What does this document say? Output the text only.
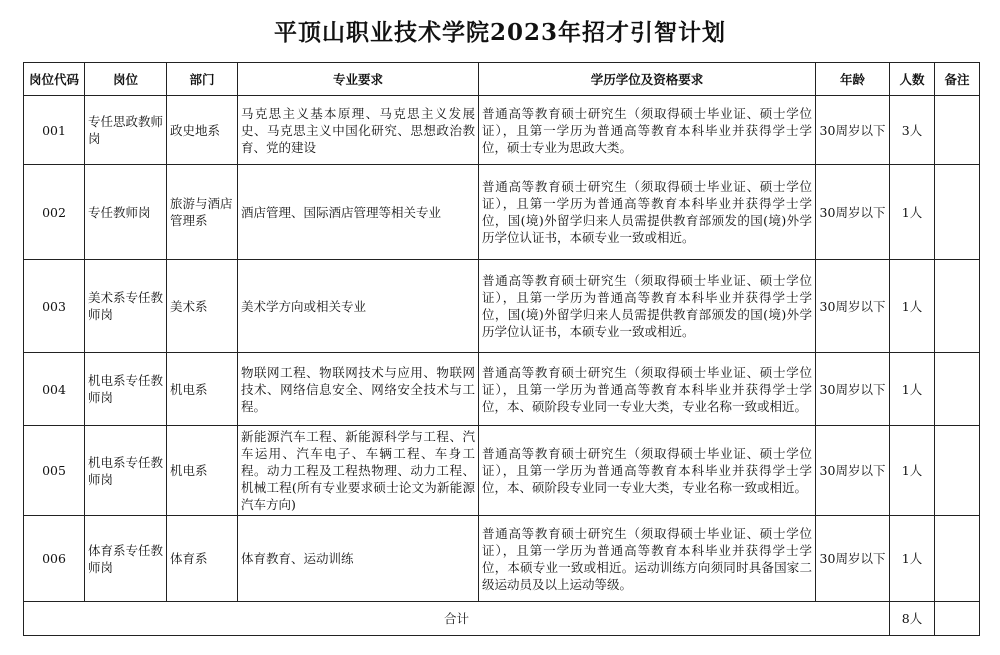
平顶山职业技术学院2023年招才引智计划
岗位代码	岗位	部门	专业要求	学历学位及资格要求	年龄	人数	备注
001	专任思政教师岗	政史地系	马克思主义基本原理、马克思主义发展史、马克思主义中国化研究、思想政治教育、党的建设	普通高等教育硕士研究生（须取得硕士毕业证、硕士学位证），且第一学历为普通高等教育本科毕业并获得学士学位，硕士专业为思政大类。	30周岁以下	3人	
002	专任教师岗	旅游与酒店管理系	酒店管理、国际酒店管理等相关专业	普通高等教育硕士研究生（须取得硕士毕业证、硕士学位证），且第一学历为普通高等教育本科毕业并获得学士学位，国(境)外留学归来人员需提供教育部颁发的国(境)外学历学位认证书，本硕专业一致或相近。	30周岁以下	1人	
003	美术系专任教师岗	美术系	美术学方向或相关专业	普通高等教育硕士研究生（须取得硕士毕业证、硕士学位证），且第一学历为普通高等教育本科毕业并获得学士学位，国(境)外留学归来人员需提供教育部颁发的国(境)外学历学位认证书，本硕专业一致或相近。	30周岁以下	1人	
004	机电系专任教师岗	机电系	物联网工程、物联网技术与应用、物联网技术、网络信息安全、网络安全技术与工程。	普通高等教育硕士研究生（须取得硕士毕业证、硕士学位证），且第一学历为普通高等教育本科毕业并获得学士学位，本、硕阶段专业同一专业大类，专业名称一致或相近。	30周岁以下	1人	
005	机电系专任教师岗	机电系	新能源汽车工程、新能源科学与工程、汽车运用、汽车电子、车辆工程、车身工程。动力工程及工程热物理、动力工程、机械工程(所有专业要求硕士论文为新能源汽车方向)	普通高等教育硕士研究生（须取得硕士毕业证、硕士学位证），且第一学历为普通高等教育本科毕业并获得学士学位，本、硕阶段专业同一专业大类，专业名称一致或相近。	30周岁以下	1人	
006	体育系专任教师岗	体育系	体育教育、运动训练	普通高等教育硕士研究生（须取得硕士毕业证、硕士学位证），且第一学历为普通高等教育本科毕业并获得学士学位，本硕专业一致或相近。运动训练方向须同时具备国家二级运动员及以上运动等级。	30周岁以下	1人	
合计						8人	
